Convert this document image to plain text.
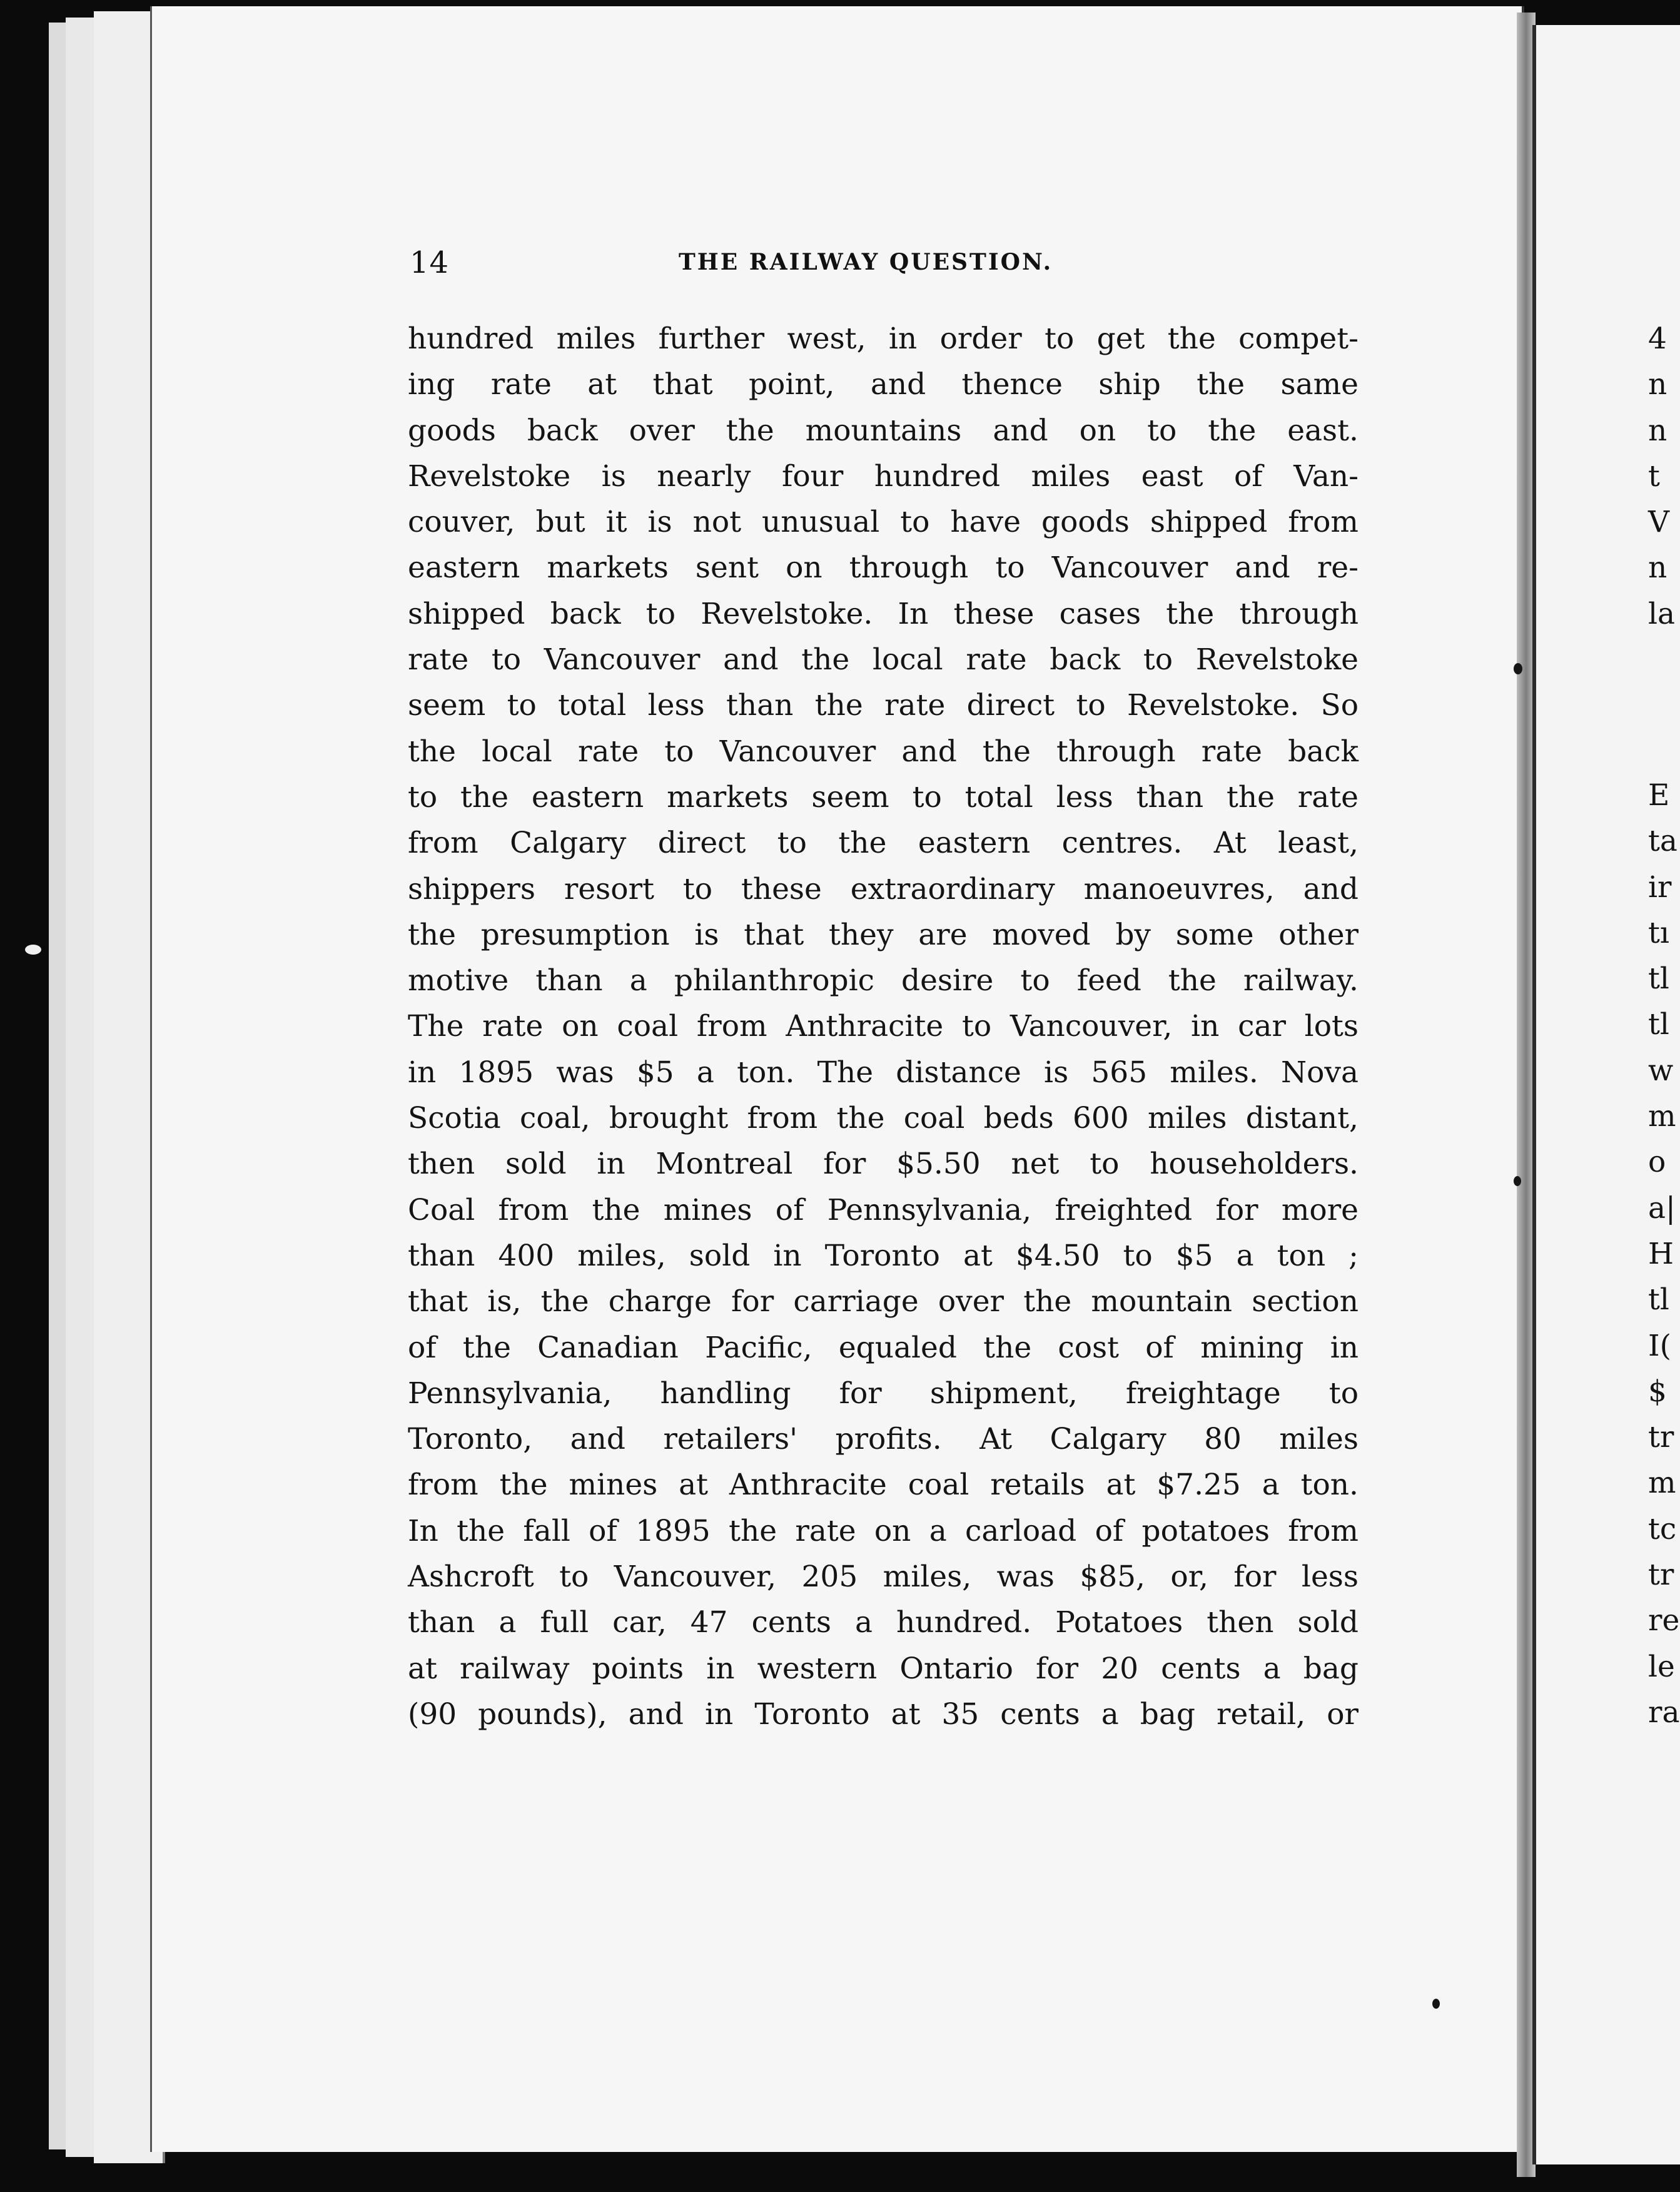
14	THE RAILWAY QUESTION.
hundred miles further west, in order to get the compet-
ing rate at that point, and thence ship the same
goods back over the mountains and on to the east.
Revelstoke is nearly four hundred miles east of Van-
couver, but it is not unusual to have goods shipped from
eastern markets sent on through to Vancouver and re-
shipped back to Revelstoke. In these cases the through
rate to Vancouver and the local rate back to Revelstoke
seem to total less than the rate direct to Revelstoke. So
the local rate to Vancouver and the through rate back
to the eastern markets seem to total less than the rate
from Calgary direct to the eastern centres. At least,
shippers resort to these extraordinary manoeuvres, and
the presumption is that they are moved by some other
motive than a philanthropic desire to feed the railway.
The rate on coal from Anthracite to Vancouver, in car lots
in 1895 was $5 a ton. The distance is 565 miles. Nova
Scotia coal, brought from the coal beds 600 miles distant,
then sold in Montreal for $5.50 net to householders.
Coal from the mines of Pennsylvania, freighted for more
than 400 miles, sold in Toronto at $4.50 to $5 a ton ;
that is, the charge for carriage over the mountain section
of the Canadian Pacific, equaled the cost of mining in
Pennsylvania, handling for shipment, freightage to
Toronto, and retailers' profits. At Calgary 80 miles
from the mines at Anthracite coal retails at $7.25 a ton.
In the fall of 1895 the rate on a carload of potatoes from
Ashcroft to Vancouver, 205 miles, was $85, or, for less
than a full car, 47 cents a hundred. Potatoes then sold
at railway points in western Ontario for 20 cents a bag
(90 pounds), and in Toronto at 35 cents a bag retail, or
4
n
n
t
V
n
la
E
ta
ir
tı
tl
tl
w
m
o
a|
H
tl
I(
$
tr
m
tc
tr
re
le
ra
